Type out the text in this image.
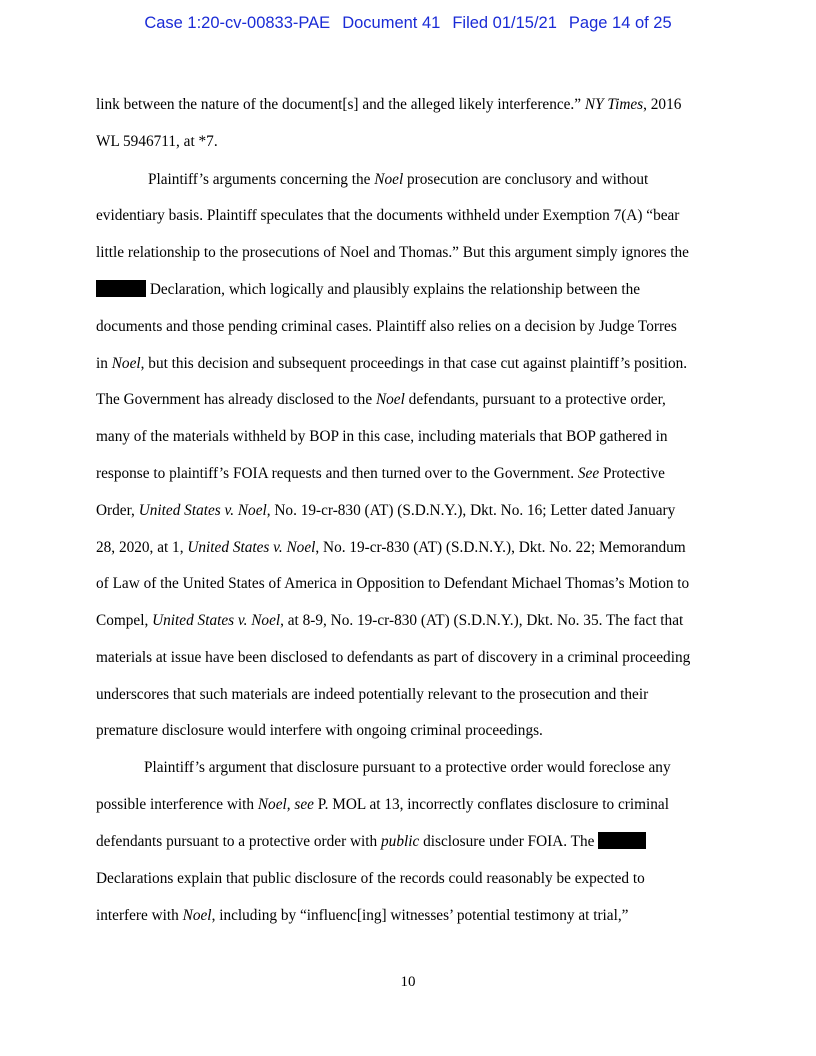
Case 1:20-cv-00833-PAE Document 41 Filed 01/15/21 Page 14 of 25
link between the nature of the document[s] and the alleged likely interference.” NY Times, 2016
WL 5946711, at *7.
Plaintiff’s arguments concerning the Noel prosecution are conclusory and without
evidentiary basis. Plaintiff speculates that the documents withheld under Exemption 7(A) “bear
little relationship to the prosecutions of Noel and Thomas.” But this argument simply ignores the
Declaration, which logically and plausibly explains the relationship between the
documents and those pending criminal cases. Plaintiff also relies on a decision by Judge Torres
in Noel, but this decision and subsequent proceedings in that case cut against plaintiff’s position.
The Government has already disclosed to the Noel defendants, pursuant to a protective order,
many of the materials withheld by BOP in this case, including materials that BOP gathered in
response to plaintiff’s FOIA requests and then turned over to the Government. See Protective
Order, United States v. Noel, No. 19-cr-830 (AT) (S.D.N.Y.), Dkt. No. 16; Letter dated January
28, 2020, at 1, United States v. Noel, No. 19-cr-830 (AT) (S.D.N.Y.), Dkt. No. 22; Memorandum
of Law of the United States of America in Opposition to Defendant Michael Thomas’s Motion to
Compel, United States v. Noel, at 8-9, No. 19-cr-830 (AT) (S.D.N.Y.), Dkt. No. 35. The fact that
materials at issue have been disclosed to defendants as part of discovery in a criminal proceeding
underscores that such materials are indeed potentially relevant to the prosecution and their
premature disclosure would interfere with ongoing criminal proceedings.
Plaintiff’s argument that disclosure pursuant to a protective order would foreclose any
possible interference with Noel, see P. MOL at 13, incorrectly conflates disclosure to criminal
defendants pursuant to a protective order with public disclosure under FOIA. The
Declarations explain that public disclosure of the records could reasonably be expected to
interfere with Noel, including by “influenc[ing] witnesses’ potential testimony at trial,”
10
